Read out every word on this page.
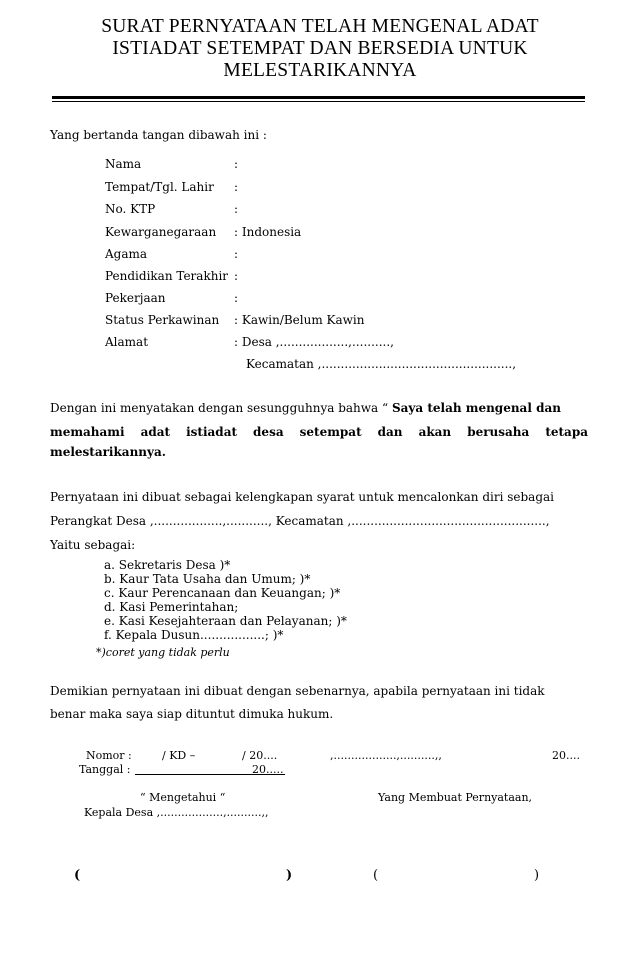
SURAT PERNYATAAN TELAH MENGENAL ADAT
ISTIADAT SETEMPAT DAN BERSEDIA UNTUK
MELESTARIKANNYA
Yang bertanda tangan dibawah ini :
Nama	:
Tempat/Tgl. Lahir :
No. KTP	:
Kewarganegaraan : Indonesia
Agama	:
Pendidikan Terakhir :
Pekerjaan	:
Status Perkawinan : Kawin/Belum Kawin
Alamat	: Desa ,..................,..........,
Kecamatan ,..................................................,
Dengan ini menyatakan dengan sesungguhnya bahwa “ Saya telah mengenal dan
memahami adat istiadat desa setempat dan akan berusaha tetapa
melestarikannya.
Pernyataan ini dibuat sebagai kelengkapan syarat untuk mencalonkan diri sebagai
Perangkat Desa ,..................,..........., Kecamatan ,...................................................,
Yaitu sebagai:
a. Sekretaris Desa )*
b. Kaur Tata Usaha dan Umum; )*
c. Kaur Perencanaan dan Keuangan; )*
d. Kasi Pemerintahan;
e. Kasi Kesejahteraan dan Pelayanan; )*
f. Kepala Dusun.................; )*
*)coret yang tidak perlu
Demikian pernyataan ini dibuat dengan sebenarnya, apabila pernyataan ini tidak
benar maka saya siap dituntut dimuka hukum.
Nomor :	/ KD –	/ 20....	,..................,..........,,	20....
Tanggal :	20.....
“ Mengetahui “	Yang Membuat Pernyataan,
Kepala Desa ,..................,..........,,
(	)	(	)
